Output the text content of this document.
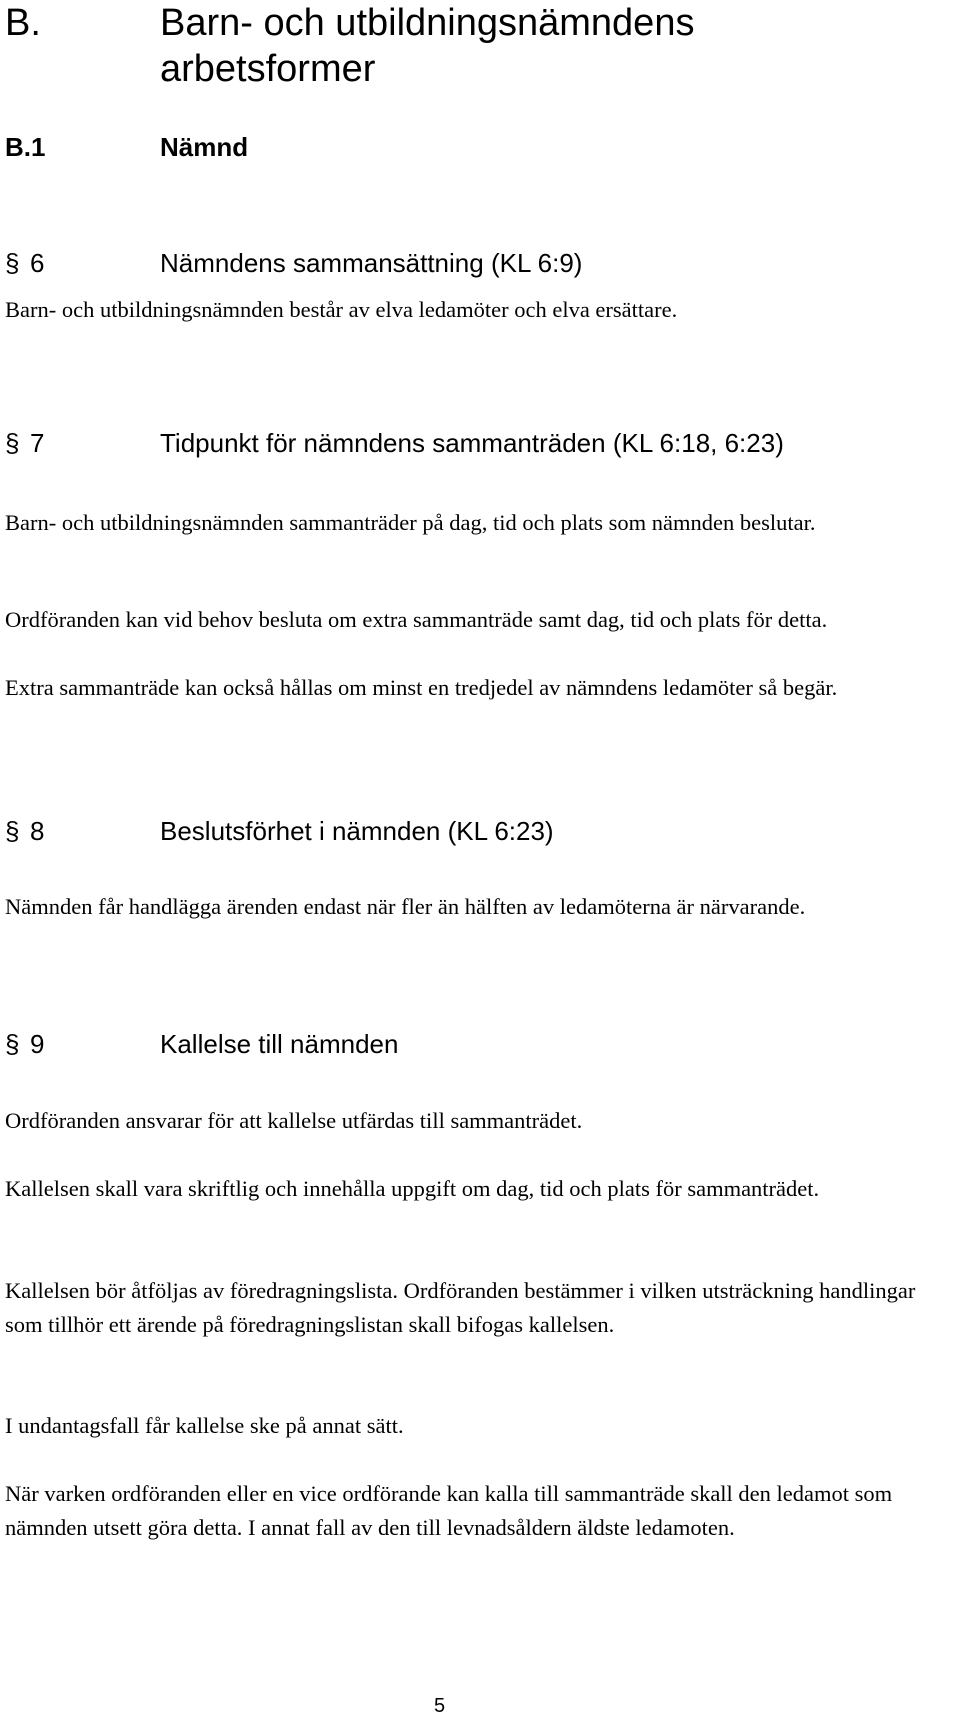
B.	Barn- och utbildningsnämndens
arbetsformer
B.1	Nämnd
§ 6	Nämndens sammansättning (KL 6:9)
Barn- och utbildningsnämnden består av elva ledamöter och elva ersättare.
§ 7	Tidpunkt för nämndens sammanträden (KL 6:18, 6:23)
Barn- och utbildningsnämnden sammanträder på dag, tid och plats som nämnden beslutar.
Ordföranden kan vid behov besluta om extra sammanträde samt dag, tid och plats för detta.
Extra sammanträde kan också hållas om minst en tredjedel av nämndens ledamöter så begär.
§ 8	Beslutsförhet i nämnden (KL 6:23)
Nämnden får handlägga ärenden endast när fler än hälften av ledamöterna är närvarande.
§ 9	Kallelse till nämnden
Ordföranden ansvarar för att kallelse utfärdas till sammanträdet.
Kallelsen skall vara skriftlig och innehålla uppgift om dag, tid och plats för sammanträdet.
Kallelsen bör åtföljas av föredragningslista. Ordföranden bestämmer i vilken utsträckning handlingar som tillhör ett ärende på föredragningslistan skall bifogas kallelsen.
I undantagsfall får kallelse ske på annat sätt.
När varken ordföranden eller en vice ordförande kan kalla till sammanträde skall den ledamot som nämnden utsett göra detta. I annat fall av den till levnadsåldern äldste ledamoten.
5
